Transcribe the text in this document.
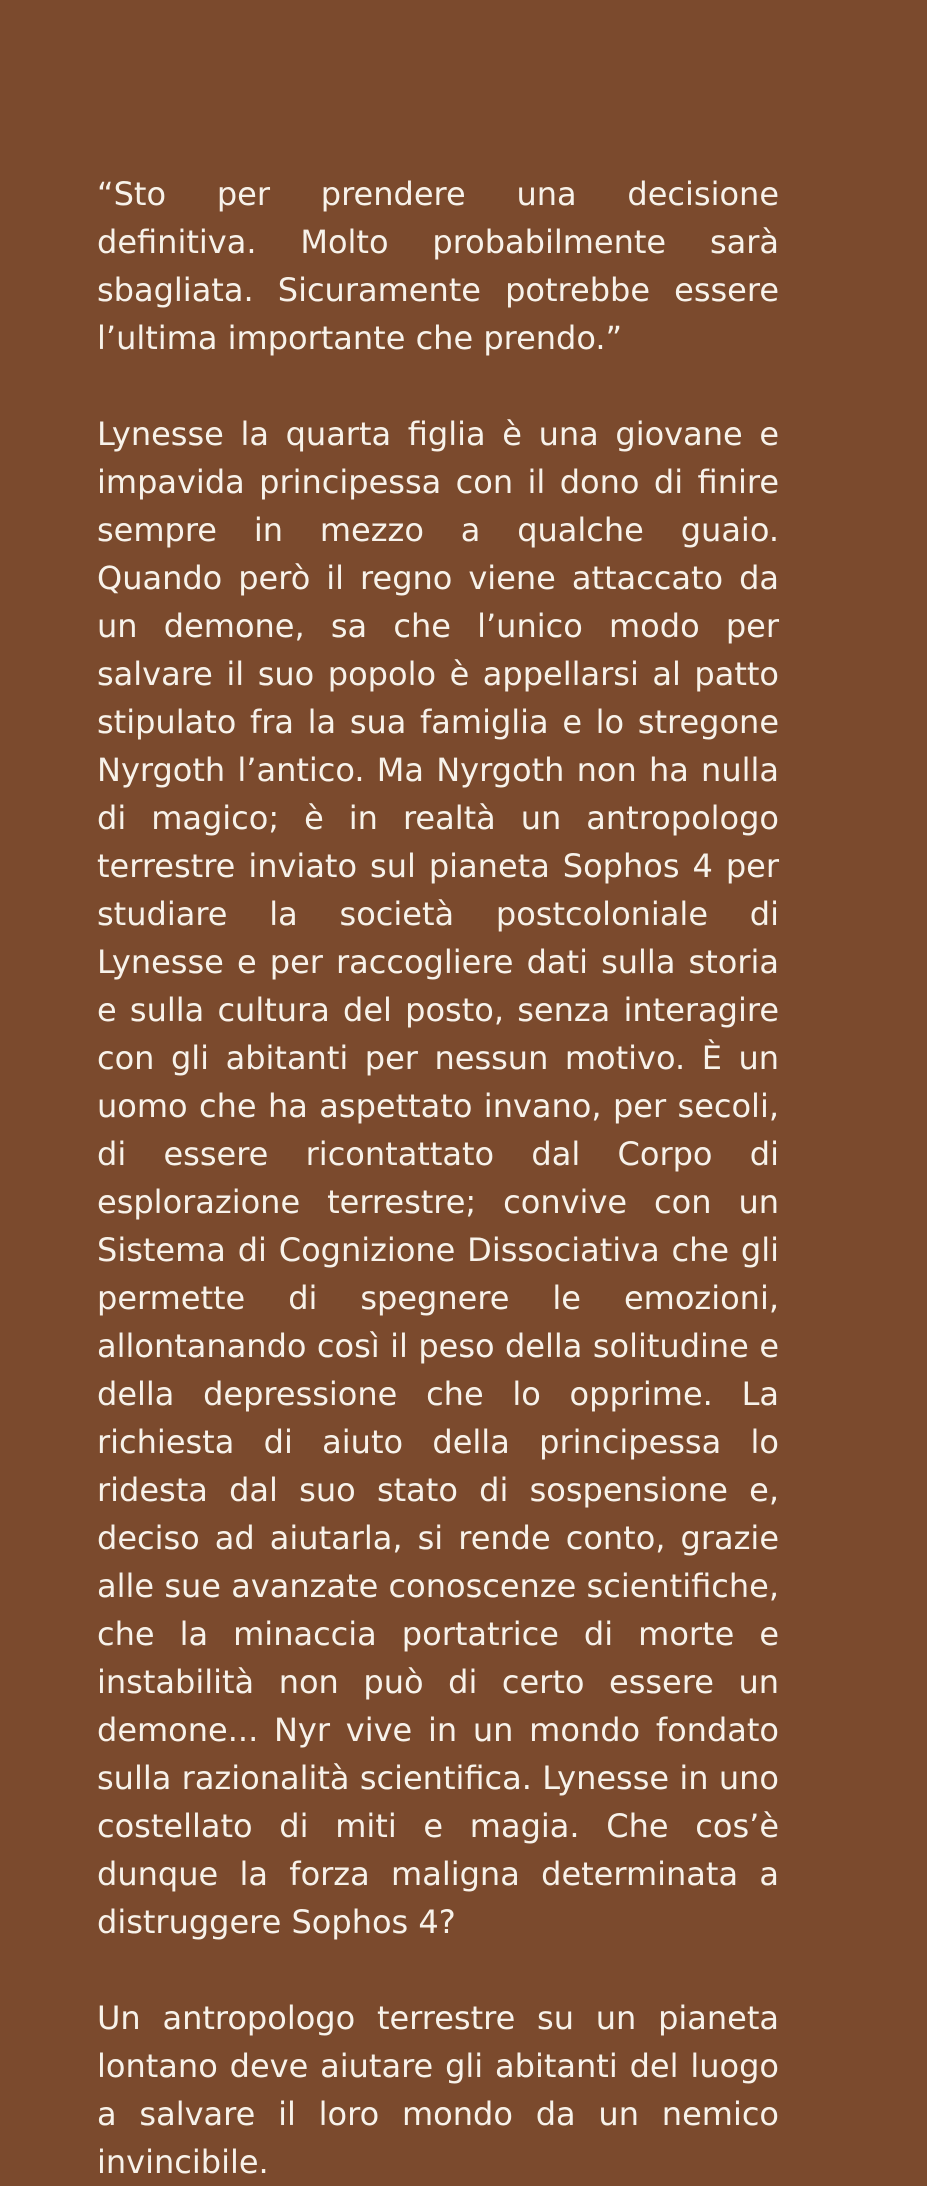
“Sto per prendere una decisione definitiva. Molto probabilmente sarà sbagliata. Sicuramente potrebbe essere l’ultima importante che prendo.”

Lynesse la quarta figlia è una giovane e impavida principessa con il dono di finire sempre in mezzo a qualche guaio. Quando però il regno viene attaccato da un demone, sa che l’unico modo per salvare il suo popolo è appellarsi al patto stipulato fra la sua famiglia e lo stregone Nyrgoth l’antico. Ma Nyrgoth non ha nulla di magico; è in realtà un antropologo terrestre inviato sul pianeta Sophos 4 per studiare la società postcoloniale di Lynesse e per raccogliere dati sulla storia e sulla cultura del posto, senza interagire con gli abitanti per nessun motivo. È un uomo che ha aspettato invano, per secoli, di essere ricontattato dal Corpo di esplorazione terrestre; convive con un Sistema di Cognizione Dissociativa che gli permette di spegnere le emozioni, allontanando così il peso della solitudine e della depressione che lo opprime. La richiesta di aiuto della principessa lo ridesta dal suo stato di sospensione e, deciso ad aiutarla, si rende conto, grazie alle sue avanzate conoscenze scientifiche, che la minaccia portatrice di morte e instabilità non può di certo essere un demone... Nyr vive in un mondo fondato sulla razionalità scientifica. Lynesse in uno costellato di miti e magia. Che cos’è dunque la forza maligna determinata a distruggere Sophos 4?

Un antropologo terrestre su un pianeta lontano deve aiutare gli abitanti del luogo a salvare il loro mondo da un nemico invincibile.
